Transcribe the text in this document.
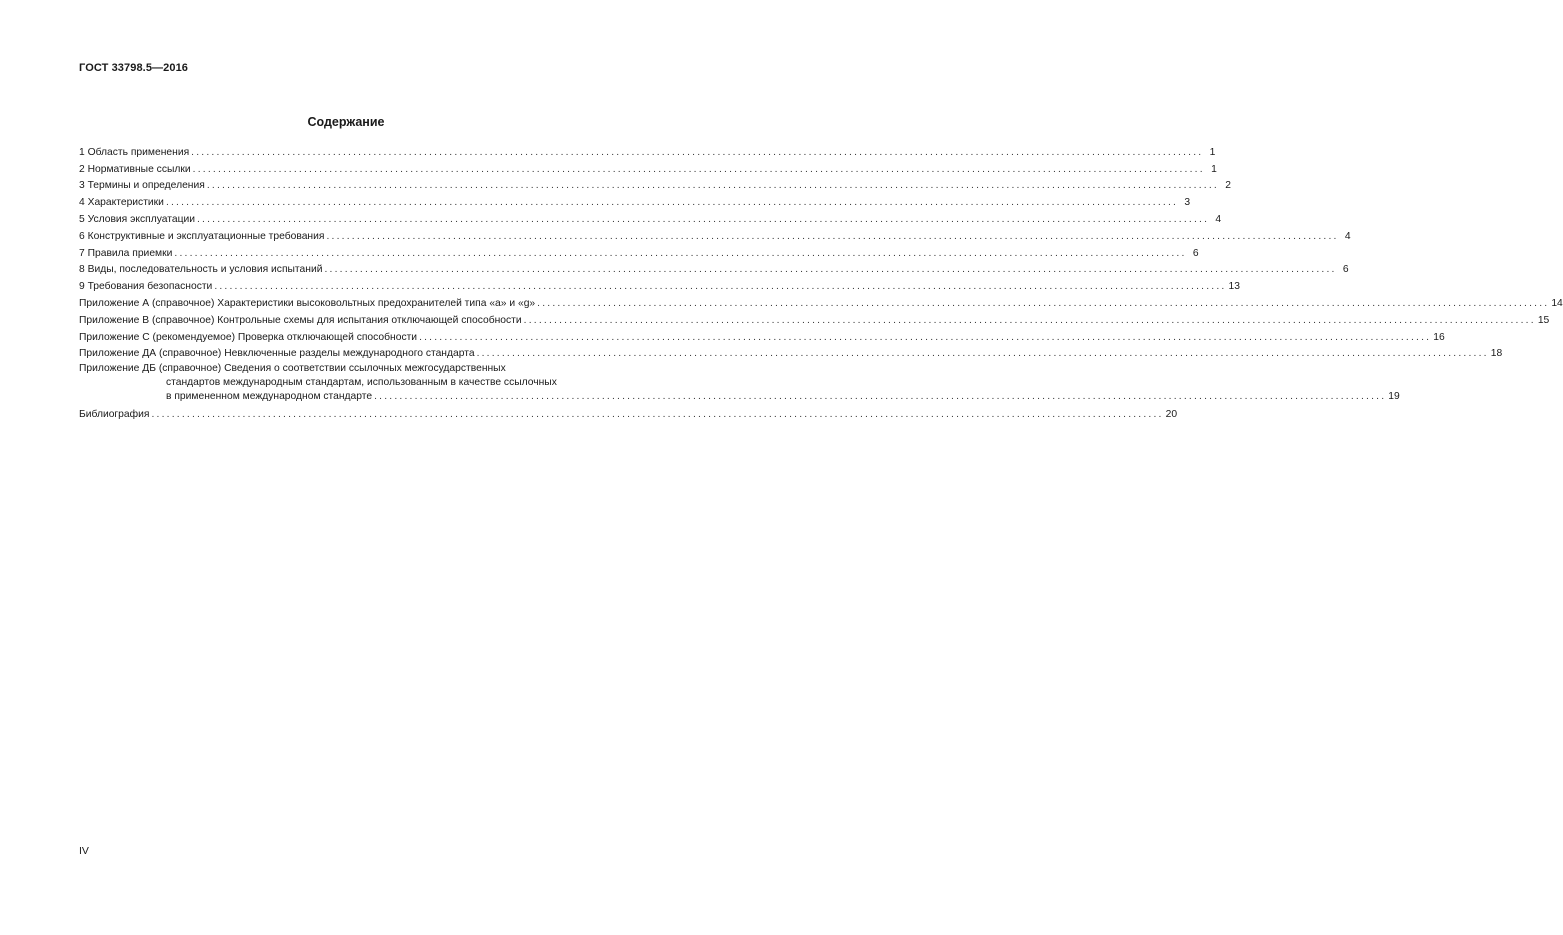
ГОСТ 33798.5—2016
Содержание
1 Область применения ........................................................................................................................................................................................................ 1
2 Нормативные ссылки ........................................................................................................................................................................................................ 1
3 Термины и определения ........................................................................................................................................................................................................ 2
4 Характеристики ........................................................................................................................................................................................................ 3
5 Условия эксплуатации ........................................................................................................................................................................................................ 4
6 Конструктивные и эксплуатационные требования ........................................................................................................................................................................................................ 4
7 Правила приемки ........................................................................................................................................................................................................ 6
8 Виды, последовательность и условия испытаний ........................................................................................................................................................................................................ 6
9 Требования безопасности ........................................................................................................................................................................................................ 13
Приложение А (справочное) Характеристики высоковольтных предохранителей типа «а» и «g» ........................................................................................................................................................................................................ 14
Приложение В (справочное) Контрольные схемы для испытания отключающей способности ........................................................................................................................................................................................................ 15
Приложение С (рекомендуемое) Проверка отключающей способности ........................................................................................................................................................................................................ 16
Приложение ДА (справочное) Невключенные разделы международного стандарта ........................................................................................................................................................................................................ 18
Приложение ДБ (справочное) Сведения о соответствии ссылочных межгосударственных
стандартов международным стандартам, использованным в качестве ссылочных
в примененном международном стандарте ........................................................................................................................................................................................................ 19
Библиография ........................................................................................................................................................................................................ 20
IV
